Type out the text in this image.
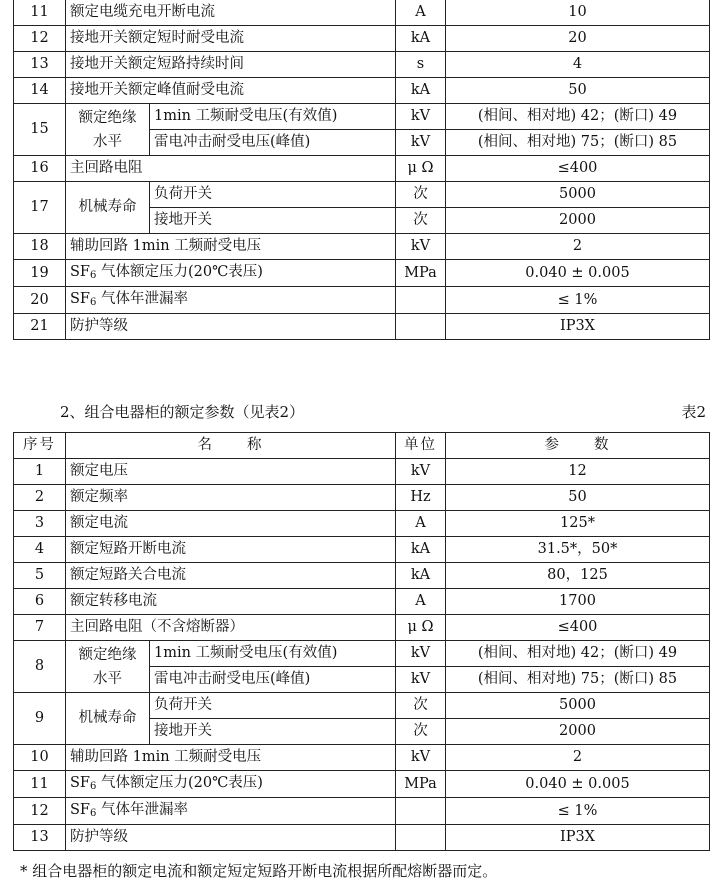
11	额定电缆充电开断电流		A	10
12	接地开关额定短时耐受电流		kA	20
13	接地开关额定短路持续时间		s	4
14	接地开关额定峰值耐受电流		kA	50
15	额定绝缘水平	1min 工频耐受电压(有效值)	kV	(相间、相对地) 42；(断口) 49
		雷电冲击耐受电压(峰值)	kV	(相间、相对地) 75；(断口) 85
16	主回路电阻		μ Ω	≤400
17	机械寿命	负荷开关	次	5000
		接地开关	次	2000
18	辅助回路 1min 工频耐受电压		kV	2
19	SF6 气体额定压力(20℃表压)		MPa	0.040 ± 0.005
20	SF6 气体年泄漏率			≤ 1%
21	防护等级			IP3X
2、组合电器柜的额定参数（见表2）	表2
序号	名　　称		单位	参　　数
1	额定电压		kV	12
2	额定频率		Hz	50
3	额定电流		A	125*
4	额定短路开断电流		kA	31.5*，50*
5	额定短路关合电流		kA	80，125
6	额定转移电流		A	1700
7	主回路电阻（不含熔断器）		μ Ω	≤400
8	额定绝缘水平	1min 工频耐受电压(有效值)	kV	(相间、相对地) 42；(断口) 49
		雷电冲击耐受电压(峰值)	kV	(相间、相对地) 75；(断口) 85
9	机械寿命	负荷开关	次	5000
		接地开关	次	2000
10	辅助回路 1min 工频耐受电压		kV	2
11	SF6 气体额定压力(20℃表压)		MPa	0.040 ± 0.005
12	SF6 气体年泄漏率			≤ 1%
13	防护等级			IP3X
* 组合电器柜的额定电流和额定短定短路开断电流根据所配熔断器而定。
